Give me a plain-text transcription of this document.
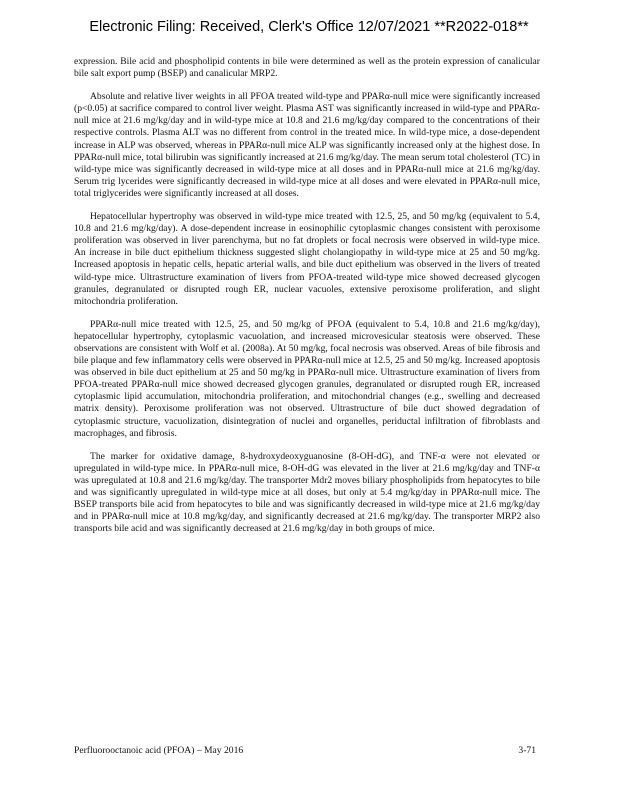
Electronic Filing: Received, Clerk's Office 12/07/2021 **R2022-018**

expression. Bile acid and phospholipid contents in bile were determined as well as the protein expression of canalicular bile salt export pump (BSEP) and canalicular MRP2.

Absolute and relative liver weights in all PFOA treated wild-type and PPARα-null mice were significantly increased (p<0.05) at sacrifice compared to control liver weight. Plasma AST was significantly increased in wild-type and PPARα-null mice at 21.6 mg/kg/day and in wild-type mice at 10.8 and 21.6 mg/kg/day compared to the concentrations of their respective controls. Plasma ALT was no different from control in the treated mice. In wild-type mice, a dose-dependent increase in ALP was observed, whereas in PPARα-null mice ALP was significantly increased only at the highest dose. In PPARα-null mice, total bilirubin was significantly increased at 21.6 mg/kg/day. The mean serum total cholesterol (TC) in wild-type mice was significantly decreased in wild-type mice at all doses and in PPARα-null mice at 21.6 mg/kg/day. Serum trig lycerides were significantly decreased in wild-type mice at all doses and were elevated in PPARα-null mice, total triglycerides were significantly increased at all doses.

Hepatocellular hypertrophy was observed in wild-type mice treated with 12.5, 25, and 50 mg/kg (equivalent to 5.4, 10.8 and 21.6 mg/kg/day). A dose-dependent increase in eosinophilic cytoplasmic changes consistent with peroxisome proliferation was observed in liver parenchyma, but no fat droplets or focal necrosis were observed in wild-type mice. An increase in bile duct epithelium thickness suggested slight cholangiopathy in wild-type mice at 25 and 50 mg/kg. Increased apoptosis in hepatic cells, hepatic arterial walls, and bile duct epithelium was observed in the livers of treated wild-type mice. Ultrastructure examination of livers from PFOA-treated wild-type mice showed decreased glycogen granules, degranulated or disrupted rough ER, nuclear vacuoles, extensive peroxisome proliferation, and slight mitochondria proliferation.

PPARα-null mice treated with 12.5, 25, and 50 mg/kg of PFOA (equivalent to 5.4, 10.8 and 21.6 mg/kg/day), hepatocellular hypertrophy, cytoplasmic vacuolation, and increased microvesicular steatosis were observed. These observations are consistent with Wolf et al. (2008a). At 50 mg/kg, focal necrosis was observed. Areas of bile fibrosis and bile plaque and few inflammatory cells were observed in PPARα-null mice at 12.5, 25 and 50 mg/kg. Increased apoptosis was observed in bile duct epithelium at 25 and 50 mg/kg in PPARα-null mice. Ultrastructure examination of livers from PFOA-treated PPARα-null mice showed decreased glycogen granules, degranulated or disrupted rough ER, increased cytoplasmic lipid accumulation, mitochondria proliferation, and mitochondrial changes (e.g., swelling and decreased matrix density). Peroxisome proliferation was not observed. Ultrastructure of bile duct showed degradation of cytoplasmic structure, vacuolization, disintegration of nuclei and organelles, periductal infiltration of fibroblasts and macrophages, and fibrosis.

The marker for oxidative damage, 8-hydroxydeoxyguanosine (8-OH-dG), and TNF-α were not elevated or upregulated in wild-type mice. In PPARα-null mice, 8-OH-dG was elevated in the liver at 21.6 mg/kg/day and TNF-α was upregulated at 10.8 and 21.6 mg/kg/day. The transporter Mdr2 moves biliary phospholipids from hepatocytes to bile and was significantly upregulated in wild-type mice at all doses, but only at 5.4 mg/kg/day in PPARα-null mice. The BSEP transports bile acid from hepatocytes to bile and was significantly decreased in wild-type mice at 21.6 mg/kg/day and in PPARα-null mice at 10.8 mg/kg/day, and significantly decreased at 21.6 mg/kg/day. The transporter MRP2 also transports bile acid and was significantly decreased at 21.6 mg/kg/day in both groups of mice.

Perfluorooctanoic acid (PFOA) – May 2016	3-71
